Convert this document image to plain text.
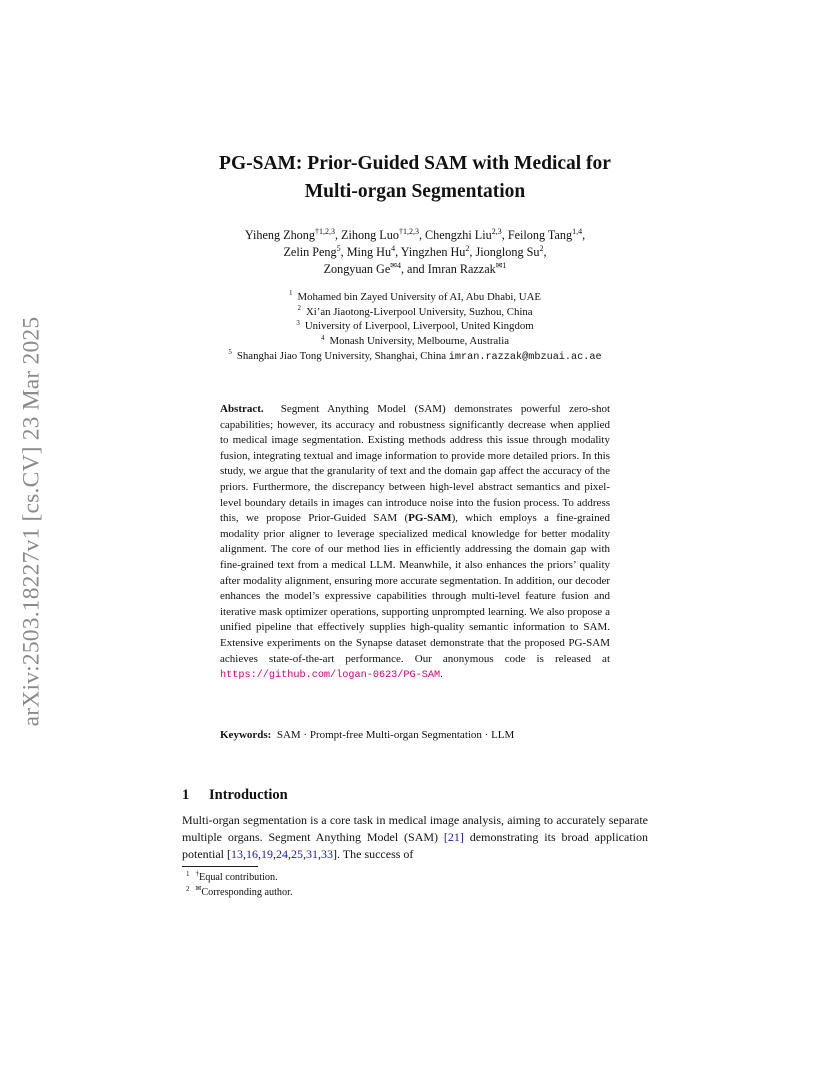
arXiv:2503.18227v1 [cs.CV] 23 Mar 2025
PG-SAM: Prior-Guided SAM with Medical for
Multi-organ Segmentation
Yiheng Zhong$^{\dagger 1,2,3}$, Zihong Luo$^{\dagger 1,2,3}$, Chengzhi Liu$^{2,3}$, Feilong Tang$^{1,4}$,
Zelin Peng$^5$, Ming Hu$^4$, Yingzhen Hu$^2$, Jionglong Su$^2$,
Zongyuan $Ge^{✉4}$, and Imran Razzak$^{✉1}$
$^1$ Mohamed bin Zayed University of AI, Abu Dhabi, UAE
$^2$ Xi’an Jiaotong-Liverpool University, Suzhou, China
$^3$ University of Liverpool, Liverpool, United Kingdom
$^4$ Monash University, Melbourne, Australia
$^5$ Shanghai Jiao Tong University, Shanghai, China imran.razzak@mbzuai.ac.ae
Abstract. Segment Anything Model (SAM) demonstrates powerful zero-shot capabilities; however, its accuracy and robustness significantly decrease when applied to medical image segmentation. Existing methods address this issue through modality fusion, integrating textual and image information to provide more detailed priors. In this study, we argue that the granularity of text and the domain gap affect the accuracy of the priors. Furthermore, the discrepancy between high-level abstract semantics and pixel-level boundary details in images can introduce noise into the fusion process. To address this, we propose Prior-Guided SAM (PG-SAM), which employs a fine-grained modality prior aligner to leverage specialized medical knowledge for better modality alignment. The core of our method lies in efficiently addressing the domain gap with fine-grained text from a medical LLM. Meanwhile, it also enhances the priors’ quality after modality alignment, ensuring more accurate segmentation. In addition, our decoder enhances the model’s expressive capabilities through multi-level feature fusion and iterative mask optimizer operations, supporting unprompted learning. We also propose a unified pipeline that effectively supplies high-quality semantic information to SAM. Extensive experiments on the Synapse dataset demonstrate that the proposed PG-SAM achieves state-of-the-art performance. Our anonymous code is released at https://github.com/logan-0623/PG-SAM.
Keywords: SAM · Prompt-free Multi-organ Segmentation · LLM
1 Introduction
Multi-organ segmentation is a core task in medical image analysis, aiming to accurately separate multiple organs. Segment Anything Model (SAM) [21] demonstrating its broad application potential [13,16,19,24,25,31,33]. The success of
$^1$ †Equal contribution.
$^2$ ✉Corresponding author.
